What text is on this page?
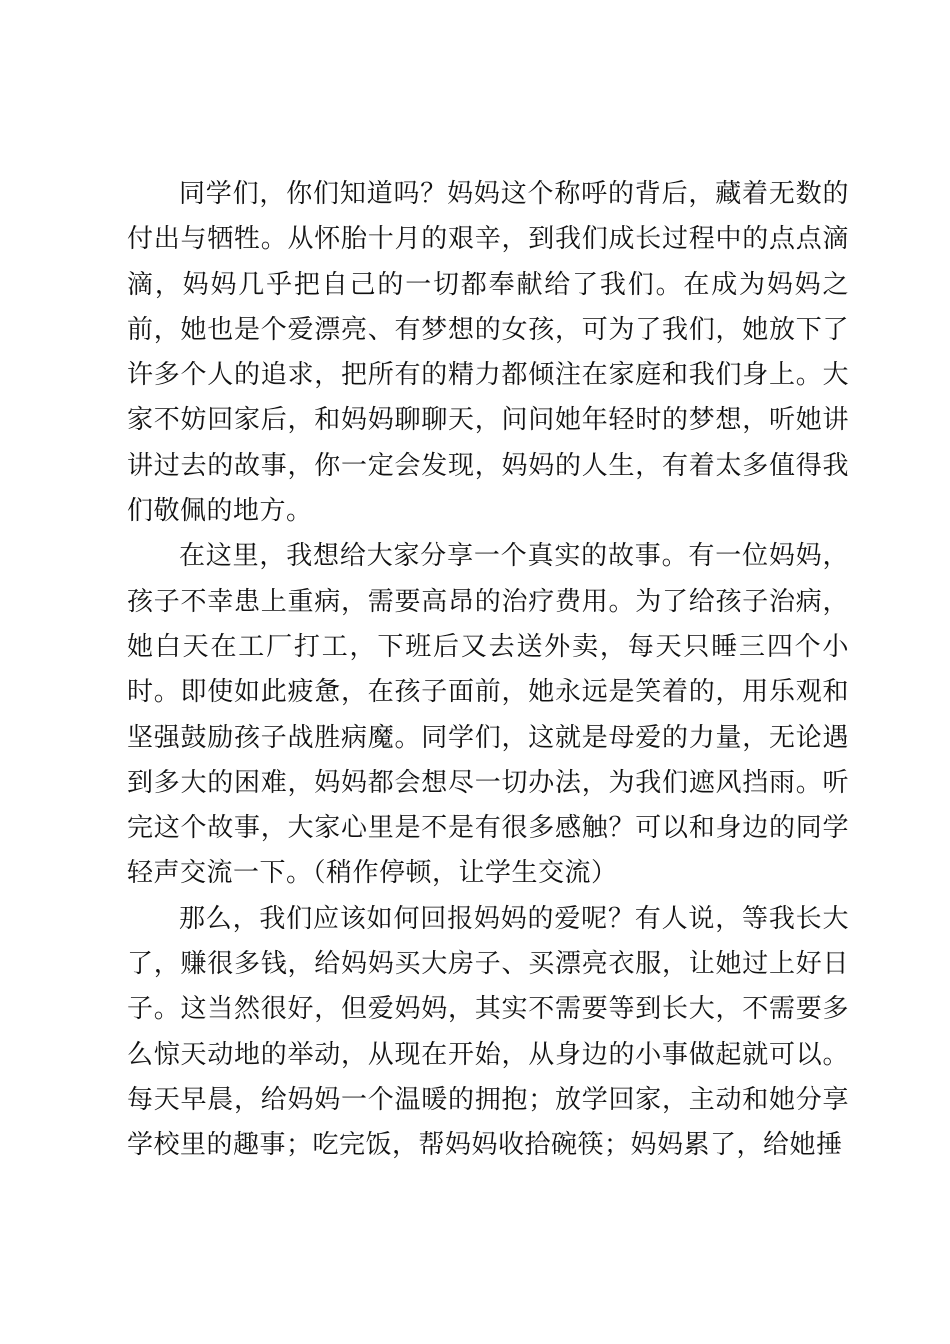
同学们，你们知道吗？妈妈这个称呼的背后，藏着无数的付出与牺牲。从怀胎十月的艰辛，到我们成长过程中的点点滴滴，妈妈几乎把自己的一切都奉献给了我们。在成为妈妈之前，她也是个爱漂亮、有梦想的女孩，可为了我们，她放下了许多个人的追求，把所有的精力都倾注在家庭和我们身上。大家不妨回家后，和妈妈聊聊天，问问她年轻时的梦想，听她讲讲过去的故事，你一定会发现，妈妈的人生，有着太多值得我们敬佩的地方。

在这里，我想给大家分享一个真实的故事。有一位妈妈，孩子不幸患上重病，需要高昂的治疗费用。为了给孩子治病，她白天在工厂打工，下班后又去送外卖，每天只睡三四个小时。即使如此疲惫，在孩子面前，她永远是笑着的，用乐观和坚强鼓励孩子战胜病魔。同学们，这就是母爱的力量，无论遇到多大的困难，妈妈都会想尽一切办法，为我们遮风挡雨。听完这个故事，大家心里是不是有很多感触？可以和身边的同学轻声交流一下。（稍作停顿，让学生交流）

那么，我们应该如何回报妈妈的爱呢？有人说，等我长大了，赚很多钱，给妈妈买大房子、买漂亮衣服，让她过上好日子。这当然很好，但爱妈妈，其实不需要等到长大，不需要多么惊天动地的举动，从现在开始，从身边的小事做起就可以。每天早晨，给妈妈一个温暖的拥抱；放学回家，主动和她分享学校里的趣事；吃完饭，帮妈妈收拾碗筷；妈妈累了，给她捶
